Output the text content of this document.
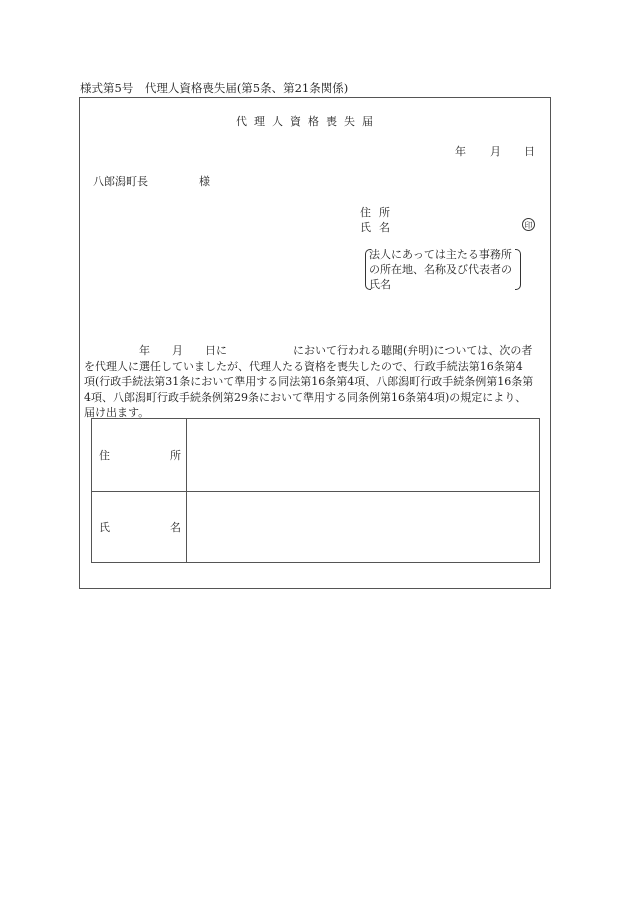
様式第5号　代理人資格喪失届(第5条、第21条関係)
代理人資格喪失届
年 月 日
八郎潟町長	様
住 所
氏 名	印
法人にあっては主たる事務所の所在地、名称及び代表者の氏名
　　　　　年　　月　　日に　　　　　　において行われる聴聞(弁明)については、次の者
を代理人に選任していましたが、代理人たる資格を喪失したので、行政手続法第16条第4
項(行政手続法第31条において準用する同法第16条第4項、八郎潟町行政手続条例第16条第
4項、八郎潟町行政手続条例第29条において準用する同条例第16条第4項)の規定により、
届け出ます。
住	所
氏	名
